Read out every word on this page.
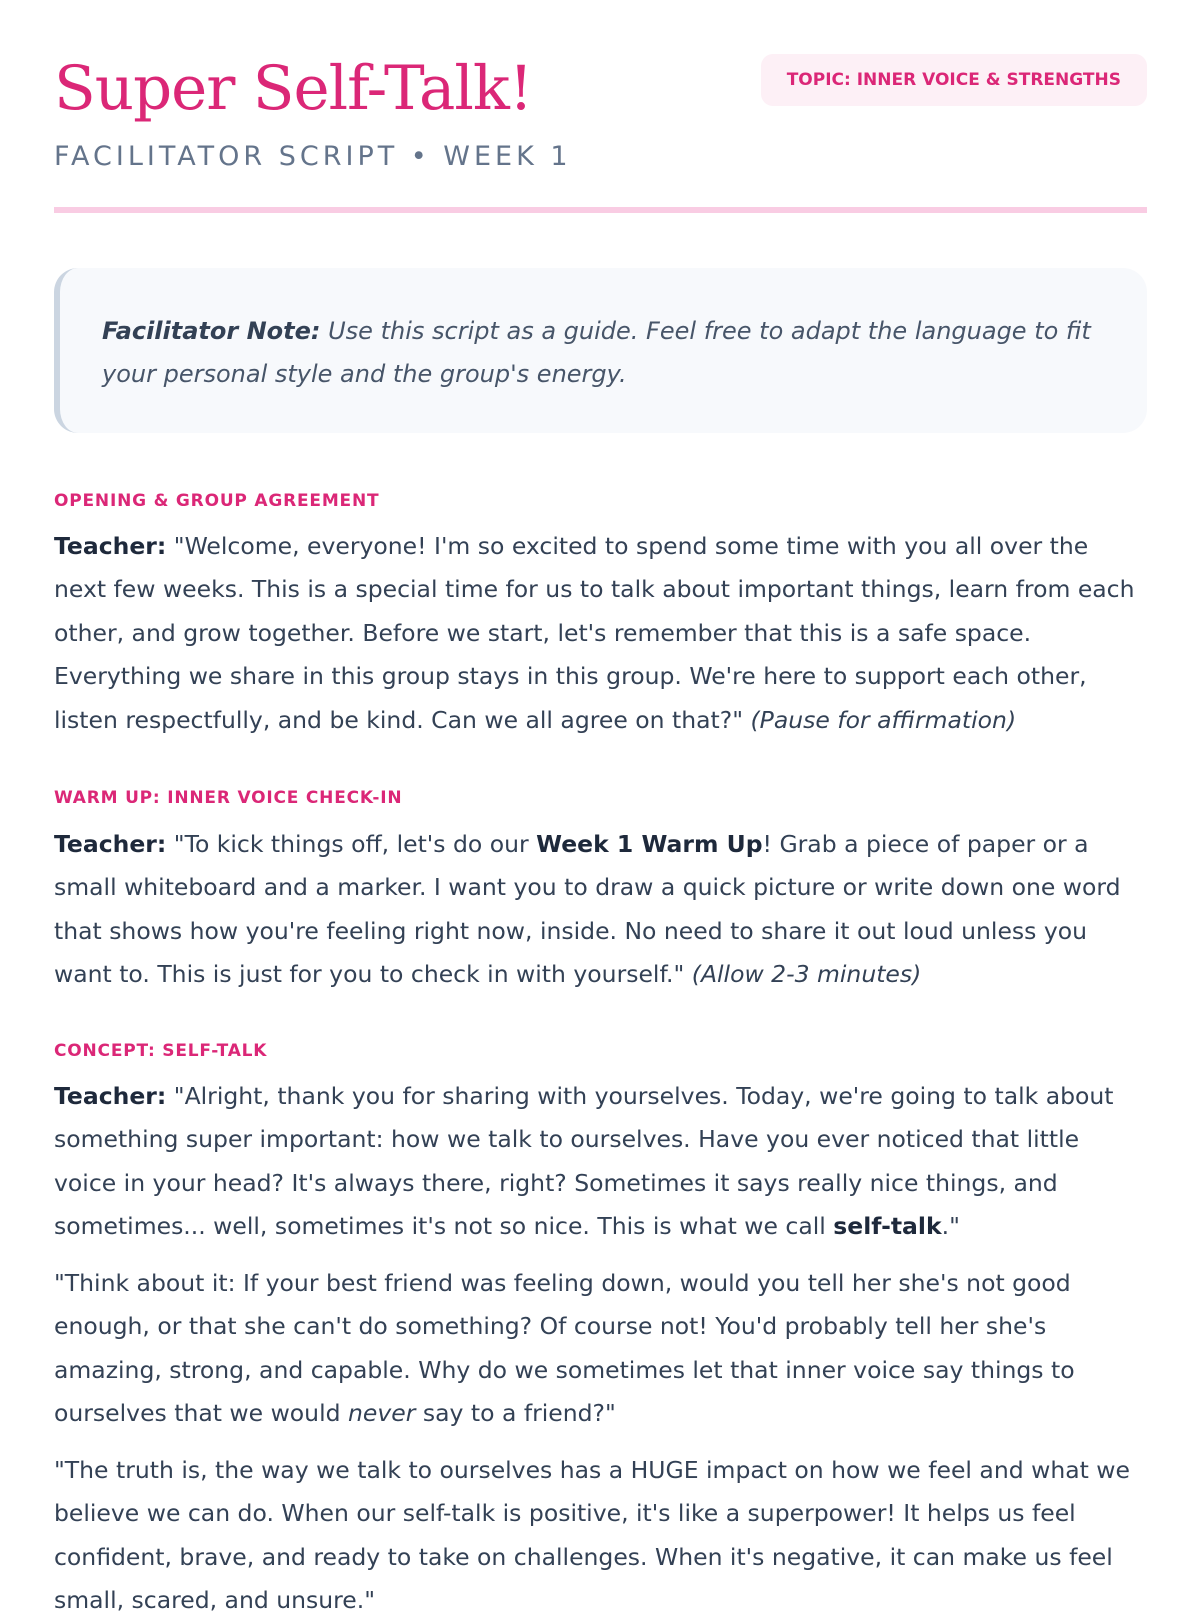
Super Self-Talk!
FACILITATOR SCRIPT • WEEK 1
TOPIC: INNER VOICE & STRENGTHS
Facilitator Note: Use this script as a guide. Feel free to adapt the language to fit your personal style and the group's energy.
OPENING & GROUP AGREEMENT

Teacher: "Welcome, everyone! I'm so excited to spend some time with you all over the next few weeks. This is a special time for us to talk about important things, learn from each other, and grow together. Before we start, let's remember that this is a safe space. Everything we share in this group stays in this group. We're here to support each other, listen respectfully, and be kind. Can we all agree on that?" (Pause for affirmation)

WARM UP: INNER VOICE CHECK-IN

Teacher: "To kick things off, let's do our Week 1 Warm Up! Grab a piece of paper or a small whiteboard and a marker. I want you to draw a quick picture or write down one word that shows how you're feeling right now, inside. No need to share it out loud unless you want to. This is just for you to check in with yourself." (Allow 2-3 minutes)

CONCEPT: SELF-TALK

Teacher: "Alright, thank you for sharing with yourselves. Today, we're going to talk about something super important: how we talk to ourselves. Have you ever noticed that little voice in your head? It's always there, right? Sometimes it says really nice things, and sometimes... well, sometimes it's not so nice. This is what we call self-talk."

"Think about it: If your best friend was feeling down, would you tell her she's not good enough, or that she can't do something? Of course not! You'd probably tell her she's amazing, strong, and capable. Why do we sometimes let that inner voice say things to ourselves that we would never say to a friend?"

"The truth is, the way we talk to ourselves has a HUGE impact on how we feel and what we believe we can do. When our self-talk is positive, it's like a superpower! It helps us feel confident, brave, and ready to take on challenges. When it's negative, it can make us feel small, scared, and unsure."
